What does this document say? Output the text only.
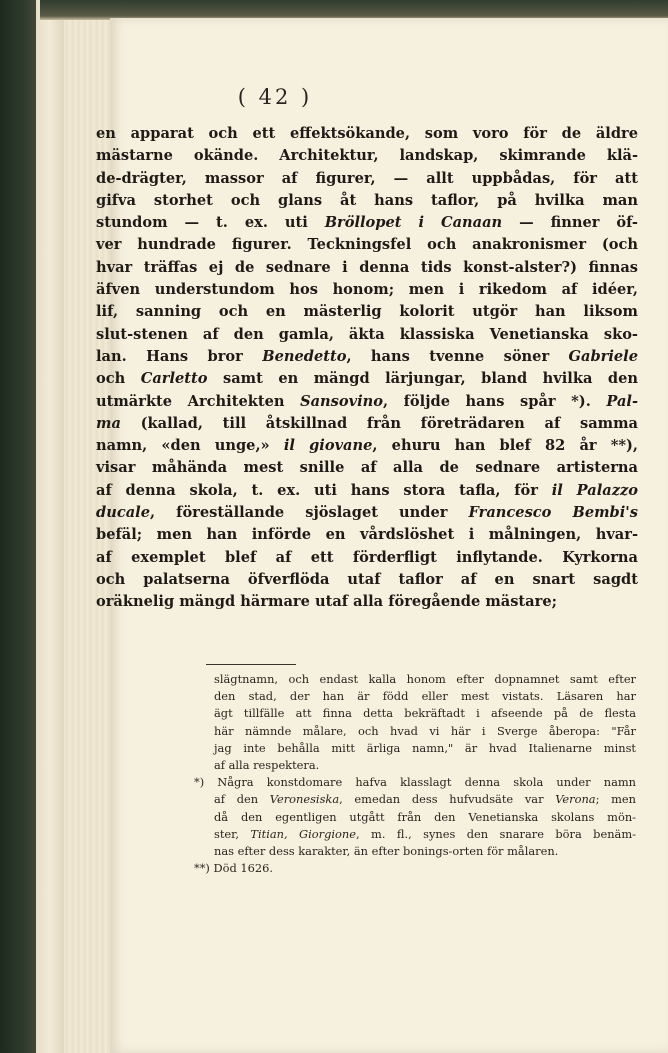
( 42 )
en apparat och ett effektsökande, som voro för de äldre
mästarne okände. Architektur, landskap, skimrande klä-
de-drägter, massor af figurer, — allt uppbådas, för att
gifva storhet och glans åt hans taflor, på hvilka man
stundom — t. ex. uti Bröllopet i Canaan — finner öf-
ver hundrade figurer. Teckningsfel och anakronismer (och
hvar träffas ej de sednare i denna tids konst-alster?) finnas
äfven understundom hos honom; men i rikedom af idéer,
lif, sanning och en mästerlig kolorit utgör han liksom
slut-stenen af den gamla, äkta klassiska Venetianska sko-
lan. Hans bror Benedetto, hans tvenne söner Gabriele
och Carletto samt en mängd lärjungar, bland hvilka den
utmärkte Architekten Sansovino, följde hans spår *). Pal-
ma (kallad, till åtskillnad från företrädaren af samma
namn, «den unge,» il giovane, ehuru han blef 82 år **),
visar måhända mest snille af alla de sednare artisterna
af denna skola, t. ex. uti hans stora tafla, för il Palazzo
ducale, föreställande sjöslaget under Francesco Bembi's
befäl; men han införde en vårdslöshet i målningen, hvar-
af exemplet blef af ett förderfligt inflytande. Kyrkorna
och palatserna öfverflöda utaf taflor af en snart sagdt
oräknelig mängd härmare utaf alla föregående mästare;
slägtnamn, och endast kalla honom efter dopnamnet samt efter
den stad, der han är född eller mest vistats. Läsaren har
ägt tillfälle att finna detta bekräftadt i afseende på de flesta
här nämnde målare, och hvad vi här i Sverge åberopa: "Får
jag inte behålla mitt ärliga namn," är hvad Italienarne minst
af alla respektera.
*) Några konstdomare hafva klasslagt denna skola under namn
af den Veronesiska, emedan dess hufvudsäte var Verona; men
då den egentligen utgått från den Venetianska skolans mön-
ster, Titian, Giorgione, m. fl., synes den snarare böra benäm-
nas efter dess karakter, än efter bonings-orten för målaren.
**) Död 1626.
